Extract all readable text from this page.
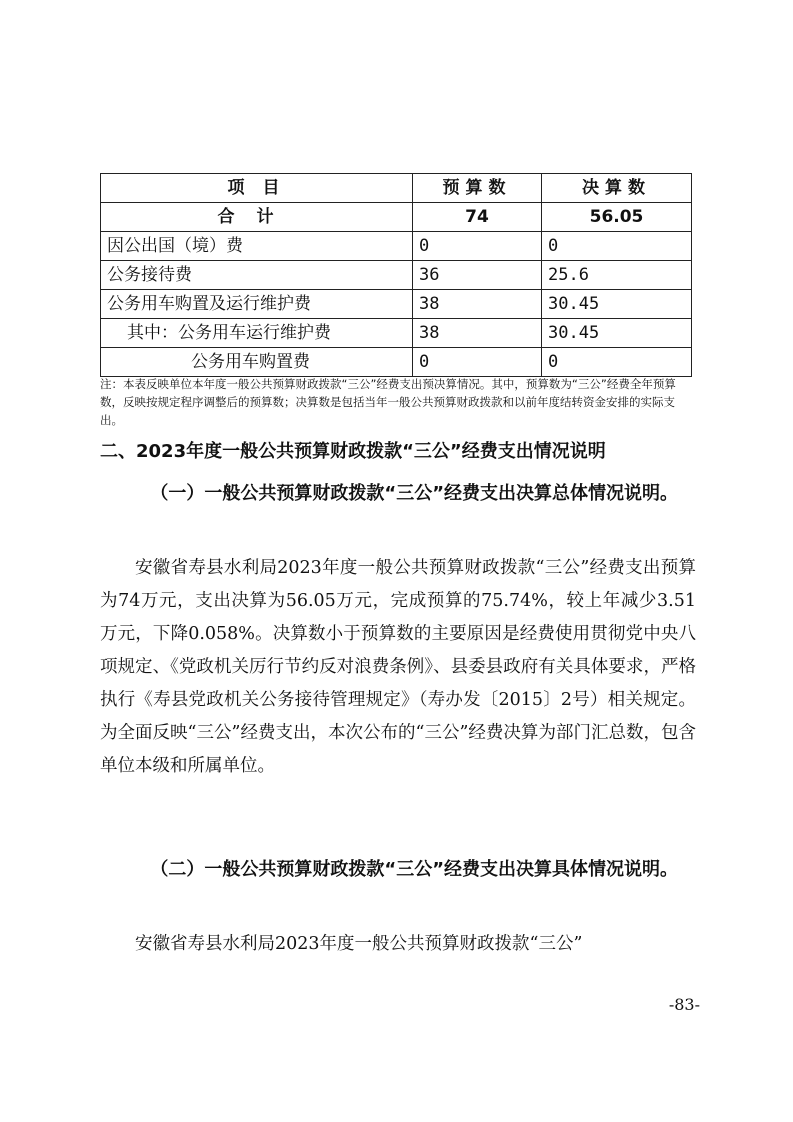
项 目	预算数	决算数
合计	74	56.05
因公出国（境）费	0	0
公务接待费	36	25.6
公务用车购置及运行维护费	38	30.45
其中：公务用车运行维护费	38	30.45
公务用车购置费	0	0

注：本表反映单位本年度一般公共预算财政拨款“三公”经费支出预决算情况。其中，预算数为“三公”经费全年预算数，反映按规定程序调整后的预算数；决算数是包括当年一般公共预算财政拨款和以前年度结转资金安排的实际支出。

二、2023年度一般公共预算财政拨款“三公”经费支出情况说明

（一）一般公共预算财政拨款“三公”经费支出决算总体情况说明。

安徽省寿县水利局2023年度一般公共预算财政拨款“三公”经费支出预算为74万元，支出决算为56.05万元，完成预算的75.74%，较上年减少3.51万元，下降0.058%。决算数小于预算数的主要原因是经费使用贯彻党中央八项规定、《党政机关厉行节约反对浪费条例》、县委县政府有关具体要求，严格执行《寿县党政机关公务接待管理规定》（寿办发〔2015〕2号）相关规定。为全面反映“三公”经费支出，本次公布的“三公”经费决算为部门汇总数，包含单位本级和所属单位。

（二）一般公共预算财政拨款“三公”经费支出决算具体情况说明。

安徽省寿县水利局2023年度一般公共预算财政拨款“三公”

-83-
